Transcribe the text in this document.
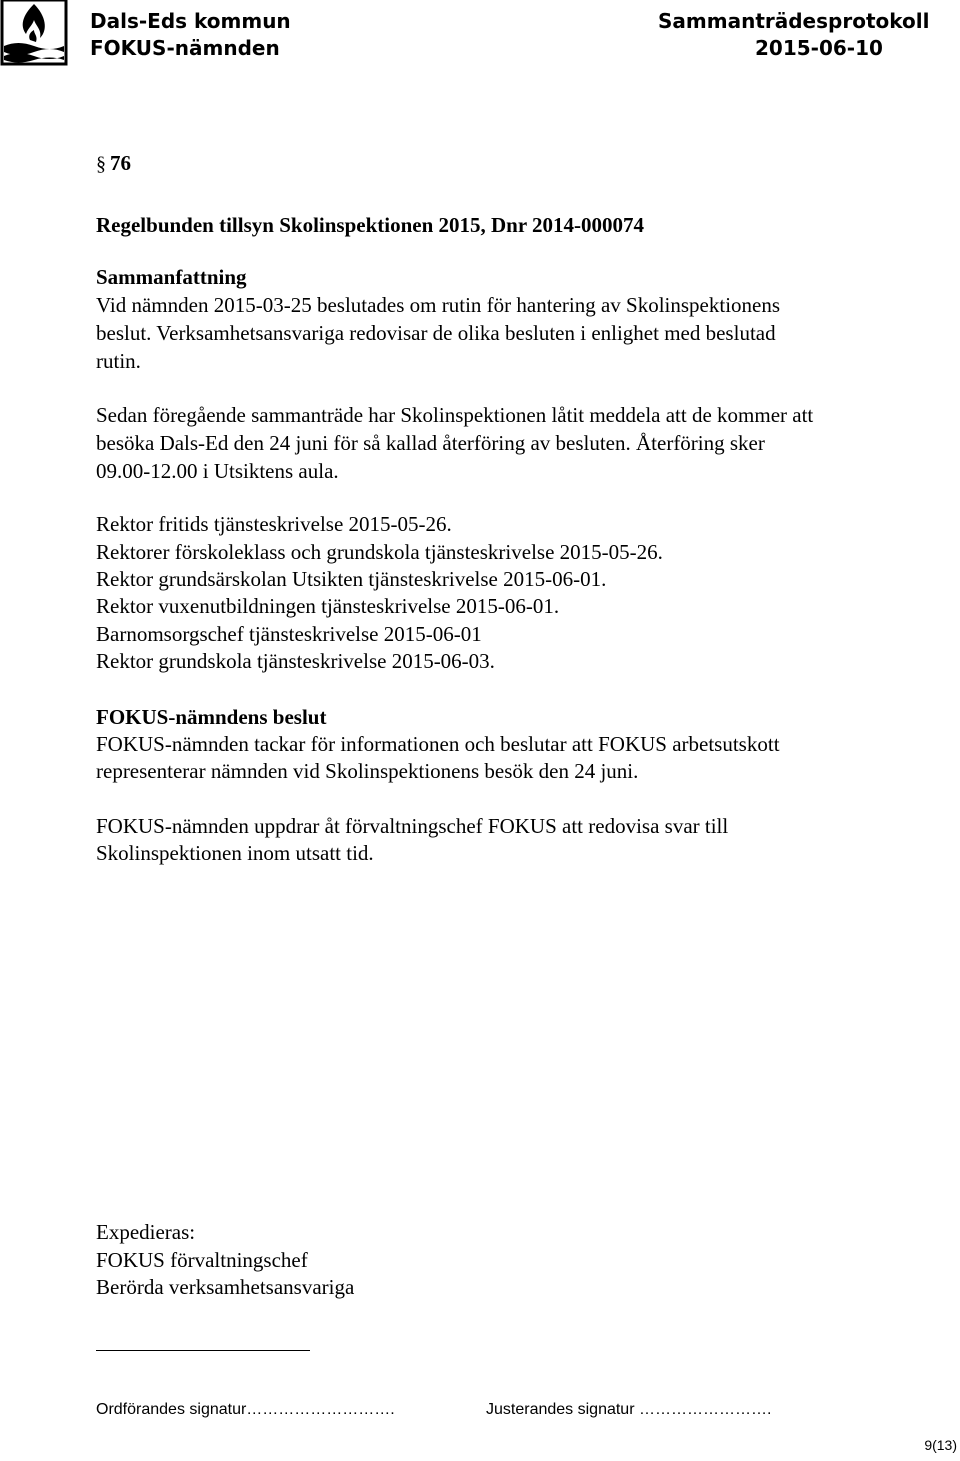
Dals-Eds kommun
FOKUS-nämnden
Sammanträdesprotokoll
2015-06-10
§ 76
Regelbunden tillsyn Skolinspektionen 2015, Dnr 2014-000074
Sammanfattning
Vid nämnden 2015-03-25 beslutades om rutin för hantering av Skolinspektionens
beslut. Verksamhetsansvariga redovisar de olika besluten i enlighet med beslutad
rutin.
Sedan föregående sammanträde har Skolinspektionen låtit meddela att de kommer att
besöka Dals-Ed den 24 juni för så kallad återföring av besluten. Återföring sker
09.00-12.00 i Utsiktens aula.
Rektor fritids tjänsteskrivelse 2015-05-26.
Rektorer förskoleklass och grundskola tjänsteskrivelse 2015-05-26.
Rektor grundsärskolan Utsikten tjänsteskrivelse 2015-06-01.
Rektor vuxenutbildningen tjänsteskrivelse 2015-06-01.
Barnomsorgschef tjänsteskrivelse 2015-06-01
Rektor grundskola tjänsteskrivelse 2015-06-03.
FOKUS-nämndens beslut
FOKUS-nämnden tackar för informationen och beslutar att FOKUS arbetsutskott
representerar nämnden vid Skolinspektionens besök den 24 juni.
FOKUS-nämnden uppdrar åt förvaltningschef FOKUS att redovisa svar till
Skolinspektionen inom utsatt tid.
Expedieras:
FOKUS förvaltningschef
Berörda verksamhetsansvariga
Ordförandes signatur……………………….	Justerandes signatur …………………….
9(13)
